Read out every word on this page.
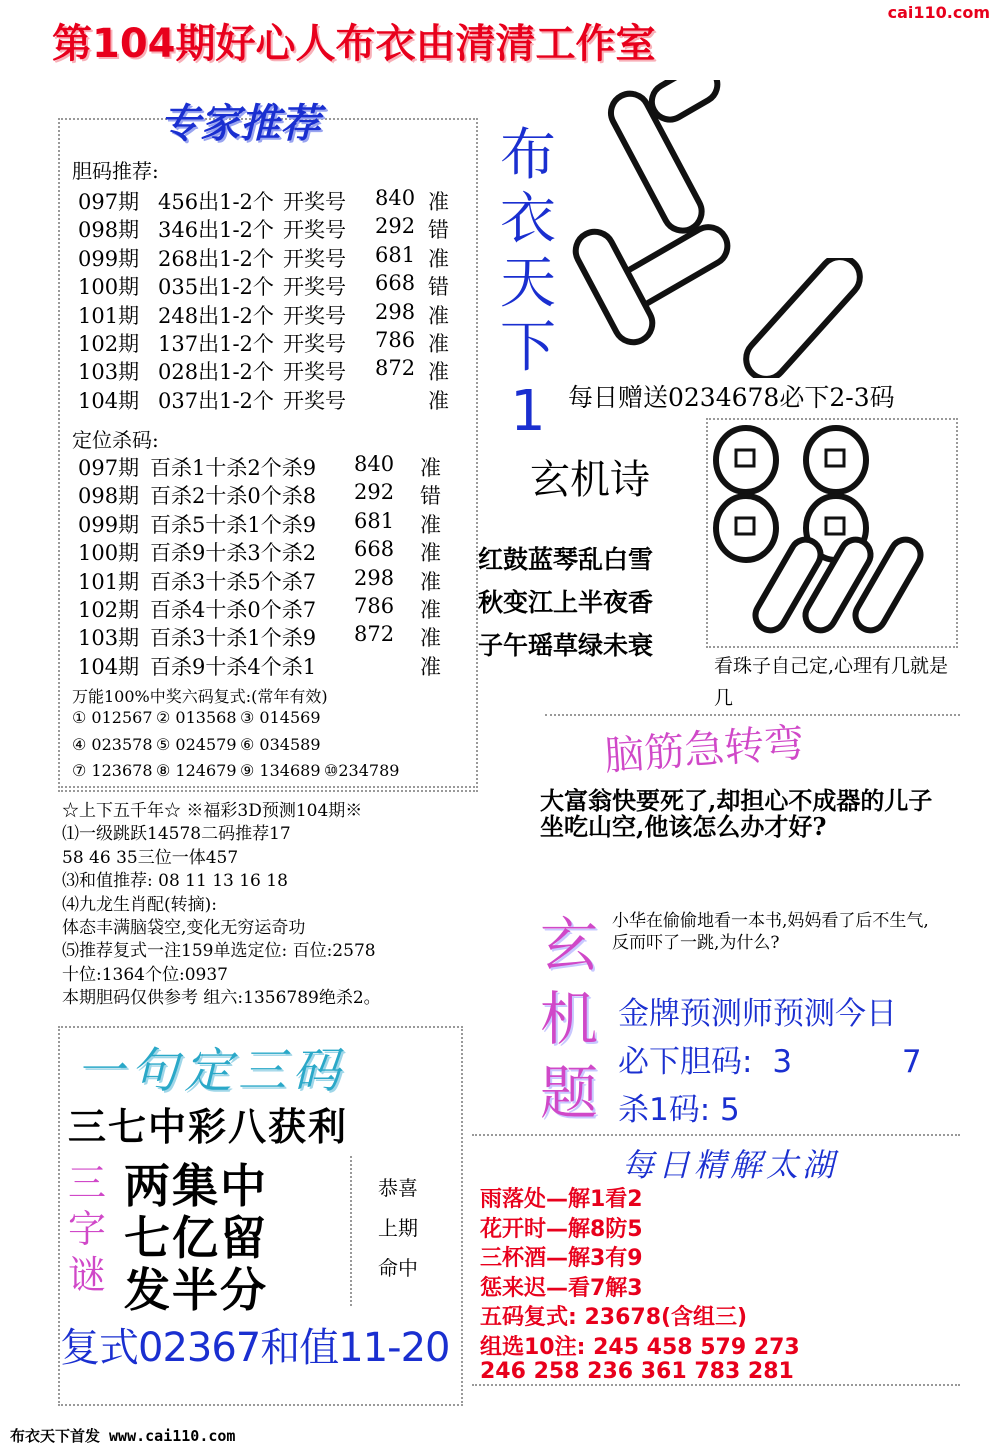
cai110.com
第104期好心人布衣由清清工作室
专家推荐
胆码推荐:
097期 456出1-2个 开奖号 840 准
098期 346出1-2个 开奖号 292 错
099期 268出1-2个 开奖号 681 准
100期 035出1-2个 开奖号 668 错
101期 248出1-2个 开奖号 298 准
102期 137出1-2个 开奖号 786 准
103期 028出1-2个 开奖号 872 准
104期 037出1-2个 开奖号	准
定位杀码:
097期 百杀1十杀2个杀9 840 准
098期 百杀2十杀0个杀8 292 错
099期 百杀5十杀1个杀9 681 准
100期 百杀9十杀3个杀2 668 准
101期 百杀3十杀5个杀7 298 准
102期 百杀4十杀0个杀7 786 准
103期 百杀3十杀1个杀9 872 准
104期 百杀9十杀4个杀1	准
万能100%中奖六码复式:(常年有效)
① 012567 ② 013568 ③ 014569
④ 023578 ⑤ 024579 ⑥ 034589
⑦ 123678 ⑧ 124679 ⑨ 134689 ⑩234789
布衣天下1 每日赠送0234678必下2-3码
玄机诗
红鼓蓝琴乱白雪
秋变江上半夜香
子午瑶草绿未衰
看珠子自己定,心理有几就是几
脑筋急转弯
大富翁快要死了,却担心不成器的儿子坐吃山空,他该怎么办才好?
☆上下五千年☆ ※福彩3D预测104期※
⑴一级跳跃14578二码推荐17
58 46 35三位一体457
⑶和值推荐: 08 11 13 16 18
⑷九龙生肖配(转摘):
体态丰满脑袋空,变化无穷运奇功
⑸推荐复式一注159单选定位: 百位:2578
十位:1364个位:0937
本期胆码仅供参考 组六:1356789绝杀2。
玄机题
小华在偷偷地看一本书,妈妈看了后不生气,反而吓了一跳,为什么?
金牌预测师预测今日
必下胆码: 3	7
杀1码: 5
一句定三码
三七中彩八获利
三字谜
两集中
七亿留
发半分
恭喜
上期
命中
复式02367和值11-20
每日精解太湖
雨落处—解1看2
花开时—解8防5
三杯酒—解3有9
惩来迟—看7解3
五码复式: 23678(含组三)
组选10注: 245 458 579 273
246 258 236 361 783 281
布衣天下首发 www.cai110.com
